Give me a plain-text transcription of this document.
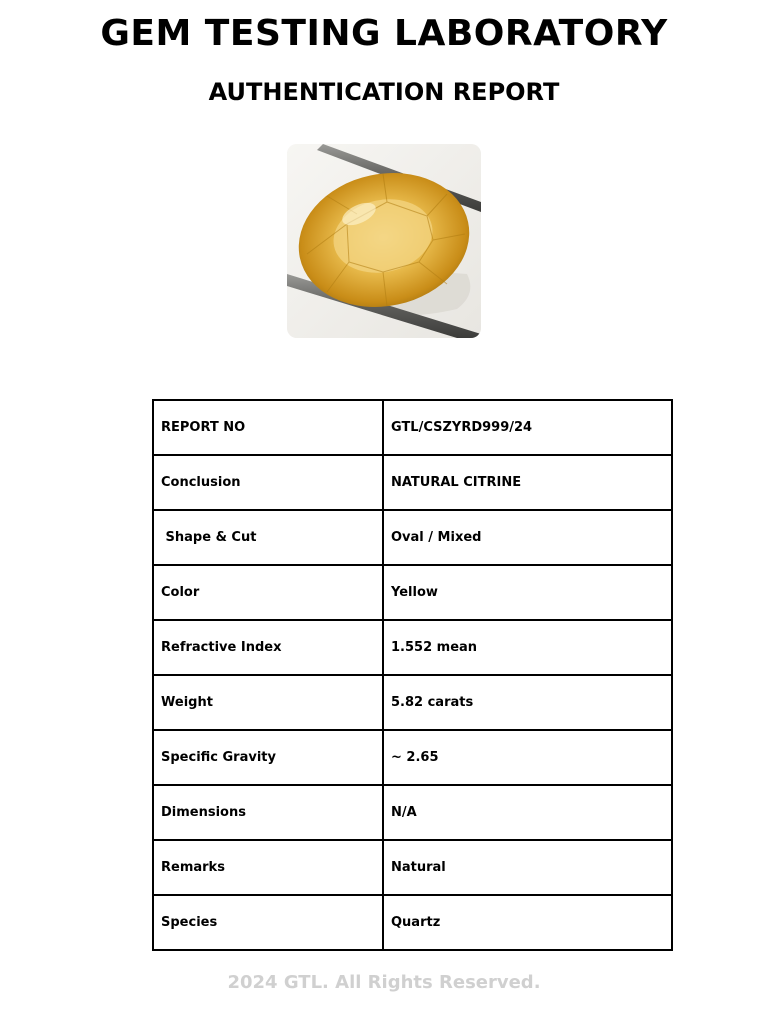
GEM TESTING LABORATORY
AUTHENTICATION REPORT
REPORT NO	GTL/CSZYRD999/24
Conclusion	NATURAL CITRINE
Shape & Cut	Oval / Mixed
Color	Yellow
Refractive Index	1.552 mean
Weight	5.82 carats
Specific Gravity	~ 2.65
Dimensions	N/A
Remarks	Natural
Species	Quartz
2024 GTL. All Rights Reserved.
